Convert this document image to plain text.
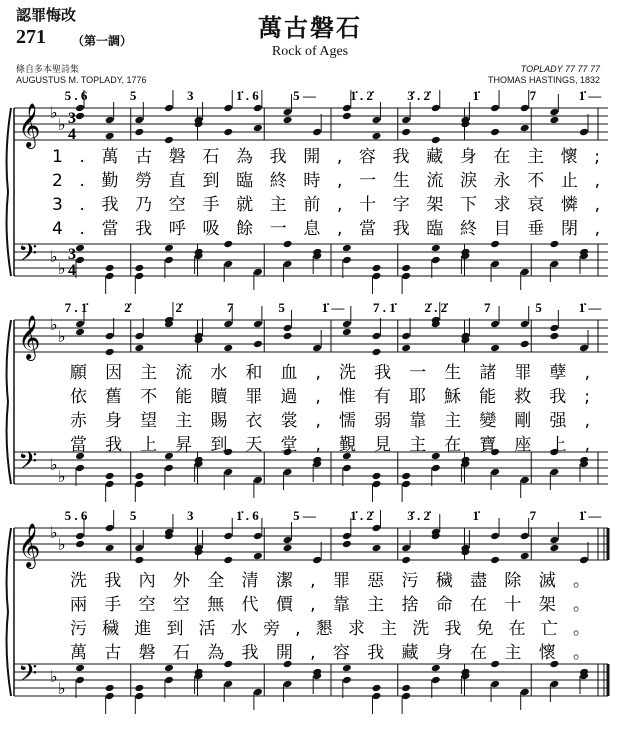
認罪悔改
271 （第一調）	萬古磐石
Rock of Ages
條自多本聖詩集
AUGUSTUS M. TOPLADY, 1776
TOPLADY 77 77 77
THOMAS HASTINGS, 1832
𝄞
𝄢
♭
♭
♭
♭
3
4
3
4
5 . 6	5	3	1̇ . 6	5 —	1̇ . 2̇	3̇ . 2̇	1̇	7	1̇ —
1.萬古磐石為我開,容我藏身在主懷;
2.勤勞直到臨終時,一生流淚永不止,
3.我乃空手就主前,十字架下求哀憐,
4.當我呼吸餘一息,當我臨終目垂閉,
𝄞
𝄢
♭
♭
♭
♭
7 . 1̇	2̇	2̇	7	5	1̇ — 7 . 1̇ 2̇ . 2̇	7	5	1̇ —
願因主流水和血,洗我一生諸罪孽,
依舊不能贖罪過,惟有耶穌能救我;
赤身望主賜衣裳,懦弱靠主變剛强,
當我上昇到天堂,覲見主在寶座上,
𝄞
𝄢
♭
♭
♭
♭
5 . 6	5	3	1̇ . 6	5 —	1̇ . 2̇	3̇ . 2̇	1̇	7	1̇ —
洗我內外全清潔,罪惡污穢盡除滅。
兩手空空無代價,靠主捨命在十架。
污穢進到活水旁,懇求主洗我免在亡。
萬古磐石為我開,容我藏身在主懷。
